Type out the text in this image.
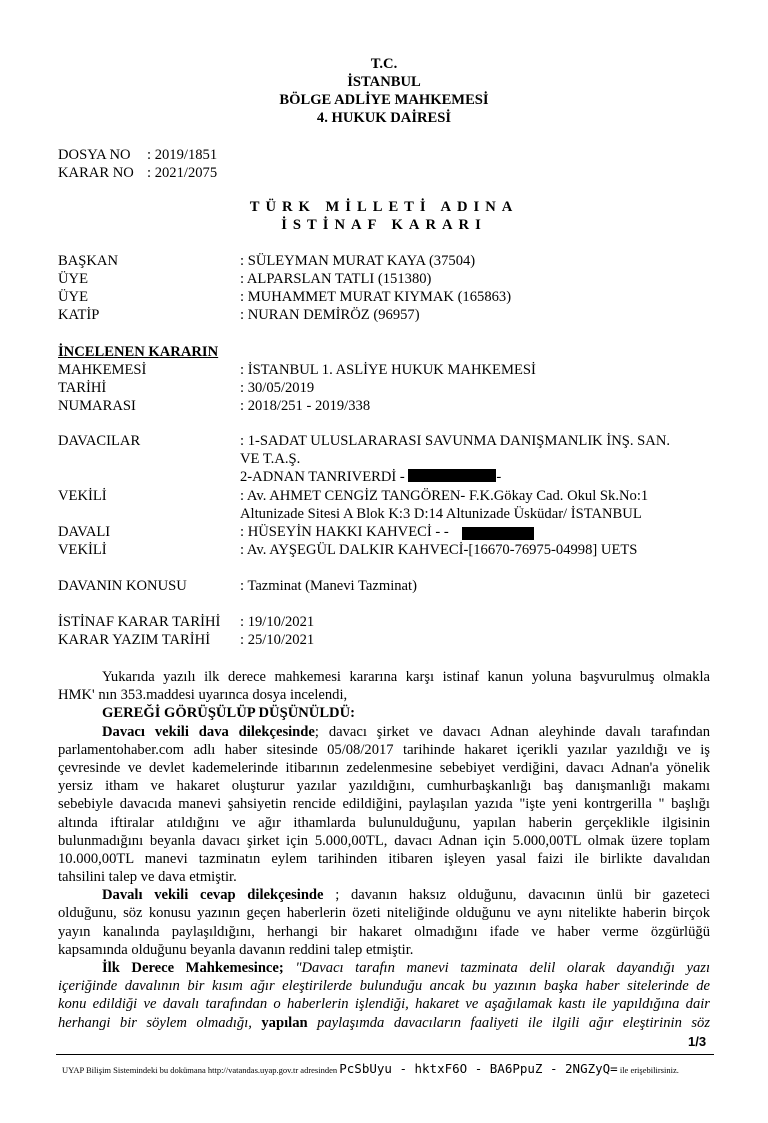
T.C.
İSTANBUL
BÖLGE ADLİYE MAHKEMESİ
4. HUKUK DAİRESİ
DOSYA NO : 2019/1851
KARAR NO : 2021/2075
TÜRK MİLLETİ ADINA
İSTİNAF KARARI
BAŞKAN	: SÜLEYMAN MURAT KAYA (37504)
ÜYE	: ALPARSLAN TATLI (151380)
ÜYE	: MUHAMMET MURAT KIYMAK (165863)
KATİP	: NURAN DEMİRÖZ (96957)
İNCELENEN KARARIN
MAHKEMESİ	: İSTANBUL 1. ASLİYE HUKUK MAHKEMESİ
TARİHİ	: 30/05/2019
NUMARASI	: 2018/251 - 2019/338
DAVACILAR	: 1-SADAT ULUSLARARASI SAVUNMA DANIŞMANLIK İNŞ. SAN.
VE T.A.Ş.
2-ADNAN TANRIVERDİ -	-
VEKİLİ	: Av. AHMET CENGİZ TANGÖREN- F.K.Gökay Cad. Okul Sk.No:1
Altunizade Sitesi A Blok K:3 D:14 Altunizade Üsküdar/ İSTANBUL
DAVALI	: HÜSEYİN HAKKI KAHVECİ - -
VEKİLİ	: Av. AYŞEGÜL DALKIR KAHVECİ-[16670-76975-04998] UETS
DAVANIN KONUSU	: Tazminat (Manevi Tazminat)
İSTİNAF KARAR TARİHİ : 19/10/2021
KARAR YAZIM TARİHİ : 25/10/2021
Yukarıda yazılı ilk derece mahkemesi kararına karşı istinaf kanun yoluna başvurulmuş olmakla
HMK' nın 353.maddesi uyarınca dosya incelendi,
GEREĞİ GÖRÜŞÜLÜP DÜŞÜNÜLDÜ:
Davacı vekili dava dilekçesinde; davacı şirket ve davacı Adnan aleyhinde davalı tarafından
parlamentohaber.com adlı haber sitesinde 05/08/2017 tarihinde hakaret içerikli yazılar yazıldığı ve iş
çevresinde ve devlet kademelerinde itibarının zedelenmesine sebebiyet verdiğini, davacı Adnan'a yönelik
yersiz itham ve hakaret oluşturur yazılar yazıldığını, cumhurbaşkanlığı baş danışmanlığı makamı
sebebiyle davacıda manevi şahsiyetin rencide edildiğini, paylaşılan yazıda "işte yeni kontrgerilla " başlığı
altında iftiralar atıldığını ve ağır ithamlarda bulunulduğunu, yapılan haberin gerçeklikle ilgisinin
bulunmadığını beyanla davacı şirket için 5.000,00TL, davacı Adnan için 5.000,00TL olmak üzere toplam
10.000,00TL manevi tazminatın eylem tarihinden itibaren işleyen yasal faizi ile birlikte davalıdan
tahsilini talep ve dava etmiştir.
Davalı vekili cevap dilekçesinde ; davanın haksız olduğunu, davacının ünlü bir gazeteci
olduğunu, söz konusu yazının geçen haberlerin özeti niteliğinde olduğunu ve aynı nitelikte haberin birçok
yayın kanalında paylaşıldığını, herhangi bir hakaret olmadığını ifade ve haber verme özgürlüğü
kapsamında olduğunu beyanla davanın reddini talep etmiştir.
İlk Derece Mahkemesince; "Davacı tarafın manevi tazminata delil olarak dayandığı yazı
içeriğinde davalının bir kısım ağır eleştirilerde bulunduğu ancak bu yazının başka haber sitelerinde de
konu edildiği ve davalı tarafından o haberlerin işlendiği, hakaret ve aşağılamak kastı ile yapıldığına dair
herhangi bir söylem olmadığı, yapılan paylaşımda davacıların faaliyeti ile ilgili ağır eleştirinin söz
1/3
UYAP Bilişim Sistemindeki bu dokümana http://vatandas.uyap.gov.tr adresinden PcSbUyu - hktxF6O - BA6PpuZ - 2NGZyQ= ile erişebilirsiniz.
